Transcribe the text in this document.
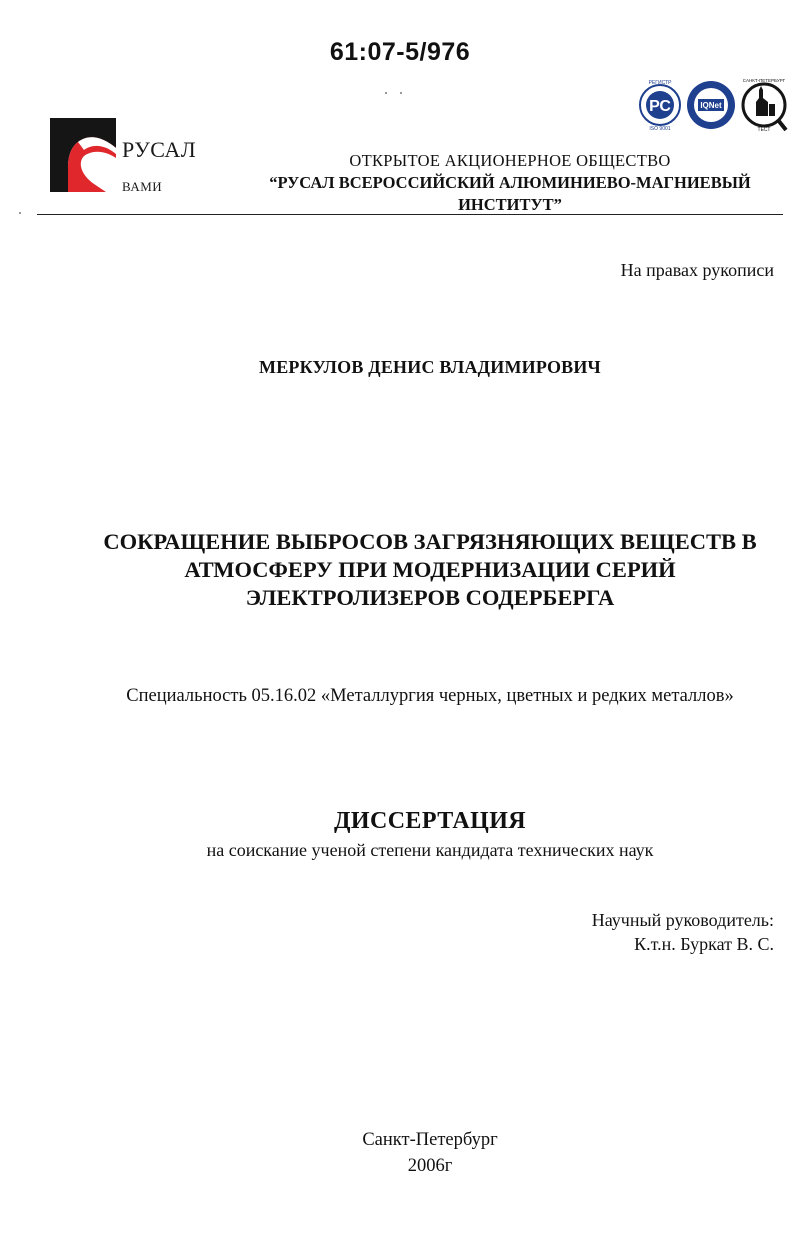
61:07-5/976
РУСАЛ
ВАМИ
РС
РЕГИСТР
ISO 9001
IQNet
САНКТ-ПЕТЕРБУРГ
ТЕСТ
ОТКРЫТОЕ АКЦИОНЕРНОЕ ОБЩЕСТВО
“РУСАЛ ВСЕРОССИЙСКИЙ АЛЮМИНИЕВО-МАГНИЕВЫЙ
ИНСТИТУТ”
На правах рукописи
МЕРКУЛОВ ДЕНИС ВЛАДИМИРОВИЧ
СОКРАЩЕНИЕ ВЫБРОСОВ ЗАГРЯЗНЯЮЩИХ ВЕЩЕСТВ В
АТМОСФЕРУ ПРИ МОДЕРНИЗАЦИИ СЕРИЙ
ЭЛЕКТРОЛИЗЕРОВ СОДЕРБЕРГА
Специальность 05.16.02 «Металлургия черных, цветных и редких металлов»
ДИССЕРТАЦИЯ
на соискание ученой степени кандидата технических наук
Научный руководитель:
К.т.н. Буркат В. С.
Санкт-Петербург
2006г
